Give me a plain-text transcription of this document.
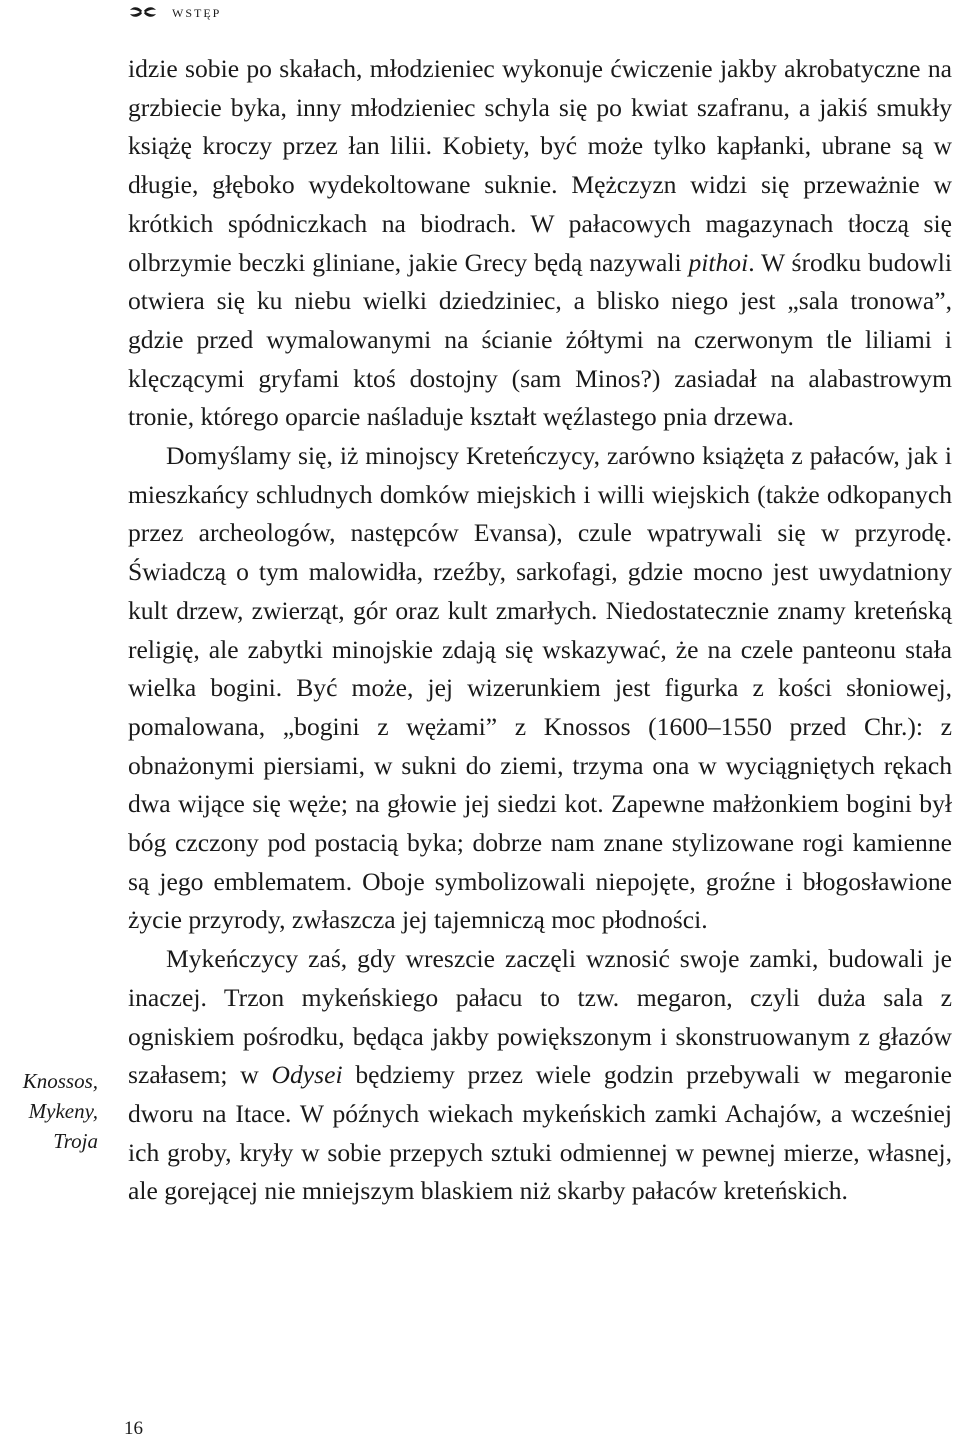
wstęp

idzie sobie po skałach, młodzieniec wykonuje ćwiczenie jakby akrobatyczne na grzbiecie byka, inny młodzieniec schyla się po kwiat szafranu, a jakiś smukły książę kroczy przez łan lilii. Kobiety, być może tylko kapłanki, ubrane są w długie, głęboko wydekoltowane suknie. Mężczyzn widzi się przeważnie w krótkich spódniczkach na biodrach. W pałacowych magazynach tłoczą się olbrzymie beczki gliniane, jakie Grecy będą nazywali pithoi. W środku budowli otwiera się ku niebu wielki dziedziniec, a blisko niego jest „sala tronowa”, gdzie przed wymalowanymi na ścianie żółtymi na czerwonym tle liliami i klęczącymi gryfami ktoś dostojny (sam Minos?) zasiadał na alabastrowym tronie, którego oparcie naśladuje kształt węźlastego pnia drzewa.

Domyślamy się, iż minojscy Kreteńczycy, zarówno książęta z pałaców, jak i mieszkańcy schludnych domków miejskich i willi wiejskich (także odkopanych przez archeologów, następców Evansa), czule wpatrywali się w przyrodę. Świadczą o tym malowidła, rzeźby, sarkofagi, gdzie mocno jest uwydatniony kult drzew, zwierząt, gór oraz kult zmarłych. Niedostatecznie znamy kreteńską religię, ale zabytki minojskie zdają się wskazywać, że na czele panteonu stała wielka bogini. Być może, jej wizerunkiem jest figurka z kości słoniowej, pomalowana, „bogini z wężami” z Knossos (1600–1550 przed Chr.): z obnażonymi piersiami, w sukni do ziemi, trzyma ona w wyciągniętych rękach dwa wijące się węże; na głowie jej siedzi kot. Zapewne małżonkiem bogini był bóg czczony pod postacią byka; dobrze nam znane stylizowane rogi kamienne są jego emblematem. Oboje symbolizowali niepojęte, groźne i błogosławione życie przyrody, zwłaszcza jej tajemniczą moc płodności.

Mykeńczycy zaś, gdy wreszcie zaczęli wznosić swoje zamki, budowali je inaczej. Trzon mykeńskiego pałacu to tzw. megaron, czyli duża sala z ogniskiem pośrodku, będąca jakby powiększonym i skonstruowanym z głazów szałasem; w Odysei będziemy przez wiele godzin przebywali w megaronie dworu na Itace. W późnych wiekach mykeńskich zamki Achajów, a wcześniej ich groby, kryły w sobie przepych sztuki odmiennej w pewnej mierze, własnej, ale gorejącej nie mniejszym blaskiem niż skarby pałaców kreteńskich.

Knossos,
Mykeny,
Troja
16
